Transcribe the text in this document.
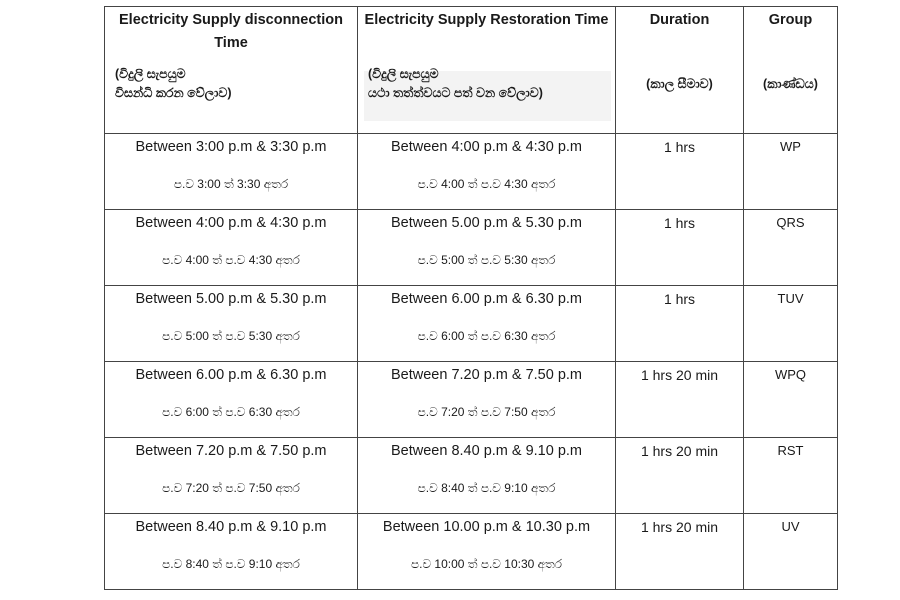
Electricity Supply disconnection Time
(විදුලි සැපයුම
විසන්ධි කරන වේලාව)	Electricity Supply Restoration Time
(විදුලි සැපයුම
යථා තත්ත්වයට පත් වන වේලාව)	Duration
(කාල සීමාව)	Group
(කාණ්ඩය)

Between 3:00 p.m & 3:30 p.m
ප.ව 3:00 ත් 3:30 අතර	Between 4:00 p.m & 4:30 p.m
ප.ව 4:00 ත් ප.ව 4:30 අතර	1 hrs	WP

Between 4:00 p.m & 4:30 p.m
ප.ව 4:00 ත් ප.ව 4:30 අතර	Between 5.00 p.m & 5.30 p.m
ප.ව 5:00 ත් ප.ව 5:30 අතර	1 hrs	QRS

Between 5.00 p.m & 5.30 p.m
ප.ව 5:00 ත් ප.ව 5:30 අතර	Between 6.00 p.m & 6.30 p.m
ප.ව 6:00 ත් ප.ව 6:30 අතර	1 hrs	TUV

Between 6.00 p.m & 6.30 p.m
ප.ව 6:00 ත් ප.ව 6:30 අතර	Between 7.20 p.m & 7.50 p.m
ප.ව 7:20 ත් ප.ව 7:50 අතර	1 hrs 20 min	WPQ

Between 7.20 p.m & 7.50 p.m
ප.ව 7:20 ත් ප.ව 7:50 අතර	Between 8.40 p.m & 9.10 p.m
ප.ව 8:40 ත් ප.ව 9:10 අතර	1 hrs 20 min	RST

Between 8.40 p.m & 9.10 p.m
ප.ව 8:40 ත් ප.ව 9:10 අතර	Between 10.00 p.m & 10.30 p.m
ප.ව 10:00 ත් ප.ව 10:30 අතර	1 hrs 20 min	UV
